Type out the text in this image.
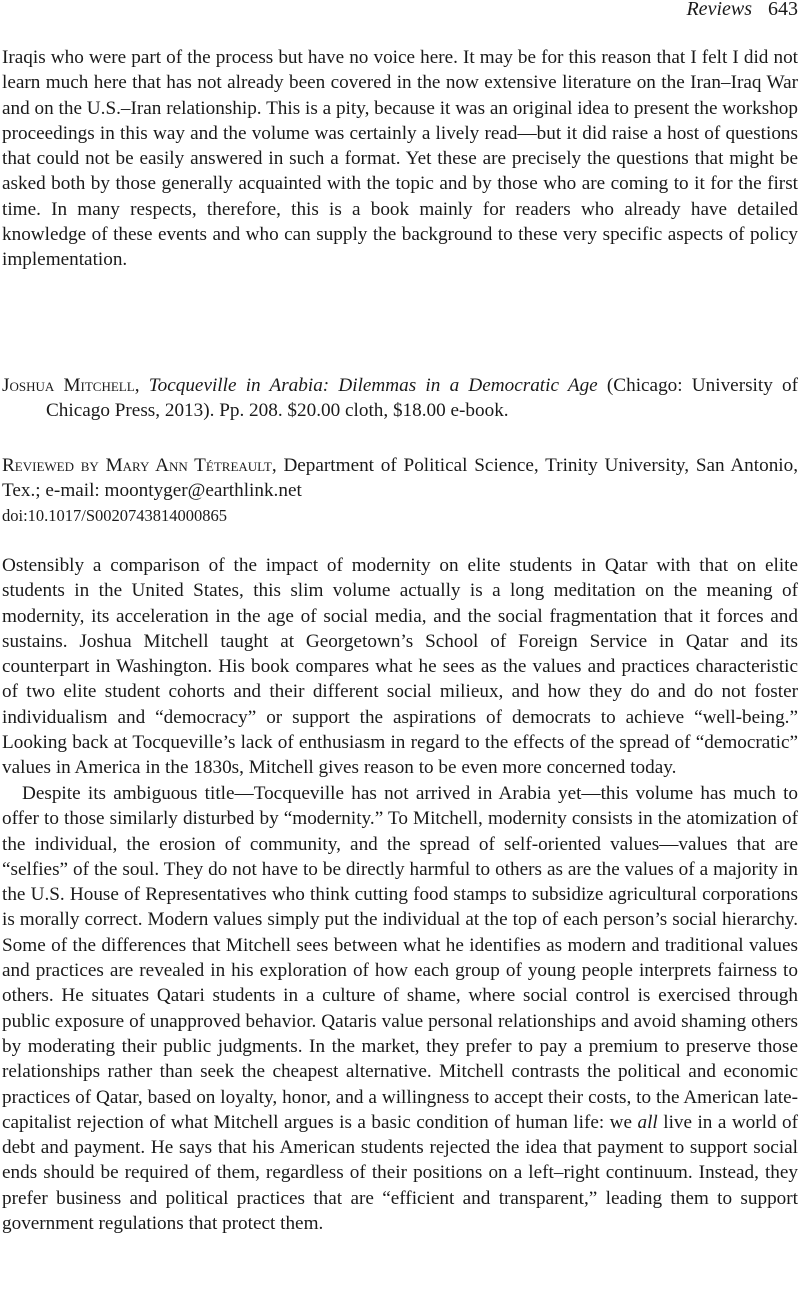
Reviews 643

Iraqis who were part of the process but have no voice here. It may be for this reason that I felt I did not learn much here that has not already been covered in the now extensive literature on the Iran–Iraq War and on the U.S.–Iran relationship. This is a pity, because it was an original idea to present the workshop proceedings in this way and the volume was certainly a lively read—but it did raise a host of questions that could not be easily answered in such a format. Yet these are precisely the questions that might be asked both by those generally acquainted with the topic and by those who are coming to it for the first time. In many respects, therefore, this is a book mainly for readers who already have detailed knowledge of these events and who can supply the background to these very specific aspects of policy implementation.

Joshua Mitchell, Tocqueville in Arabia: Dilemmas in a Democratic Age (Chicago: University of Chicago Press, 2013). Pp. 208. $20.00 cloth, $18.00 e-book.

Reviewed by Mary Ann Tétreault, Department of Political Science, Trinity University, San Antonio, Tex.; e-mail: moontyger@earthlink.net

doi:10.1017/S0020743814000865

Ostensibly a comparison of the impact of modernity on elite students in Qatar with that on elite students in the United States, this slim volume actually is a long meditation on the meaning of modernity, its acceleration in the age of social media, and the social fragmentation that it forces and sustains. Joshua Mitchell taught at Georgetown’s School of Foreign Service in Qatar and its counterpart in Washington. His book compares what he sees as the values and practices characteristic of two elite student cohorts and their different social milieux, and how they do and do not foster individualism and “democracy” or support the aspirations of democrats to achieve “well-being.” Looking back at Tocqueville’s lack of enthusiasm in regard to the effects of the spread of “democratic” values in America in the 1830s, Mitchell gives reason to be even more concerned today.

Despite its ambiguous title—Tocqueville has not arrived in Arabia yet—this volume has much to offer to those similarly disturbed by “modernity.” To Mitchell, modernity consists in the atomization of the individual, the erosion of community, and the spread of self-oriented values—values that are “selfies” of the soul. They do not have to be directly harmful to others as are the values of a majority in the U.S. House of Representatives who think cutting food stamps to subsidize agricultural corporations is morally correct. Modern values simply put the individual at the top of each person’s social hierarchy. Some of the differences that Mitchell sees between what he identifies as modern and traditional values and practices are revealed in his exploration of how each group of young people interprets fairness to others. He situates Qatari students in a culture of shame, where social control is exercised through public exposure of unapproved behavior. Qataris value personal relationships and avoid shaming others by moderating their public judgments. In the market, they prefer to pay a premium to preserve those relationships rather than seek the cheapest alternative. Mitchell contrasts the political and economic practices of Qatar, based on loyalty, honor, and a willingness to accept their costs, to the American late-capitalist rejection of what Mitchell argues is a basic condition of human life: we all live in a world of debt and payment. He says that his American students rejected the idea that payment to support social ends should be required of them, regardless of their positions on a left–right continuum. Instead, they prefer business and political practices that are “efficient and transparent,” leading them to support government regulations that protect them.
